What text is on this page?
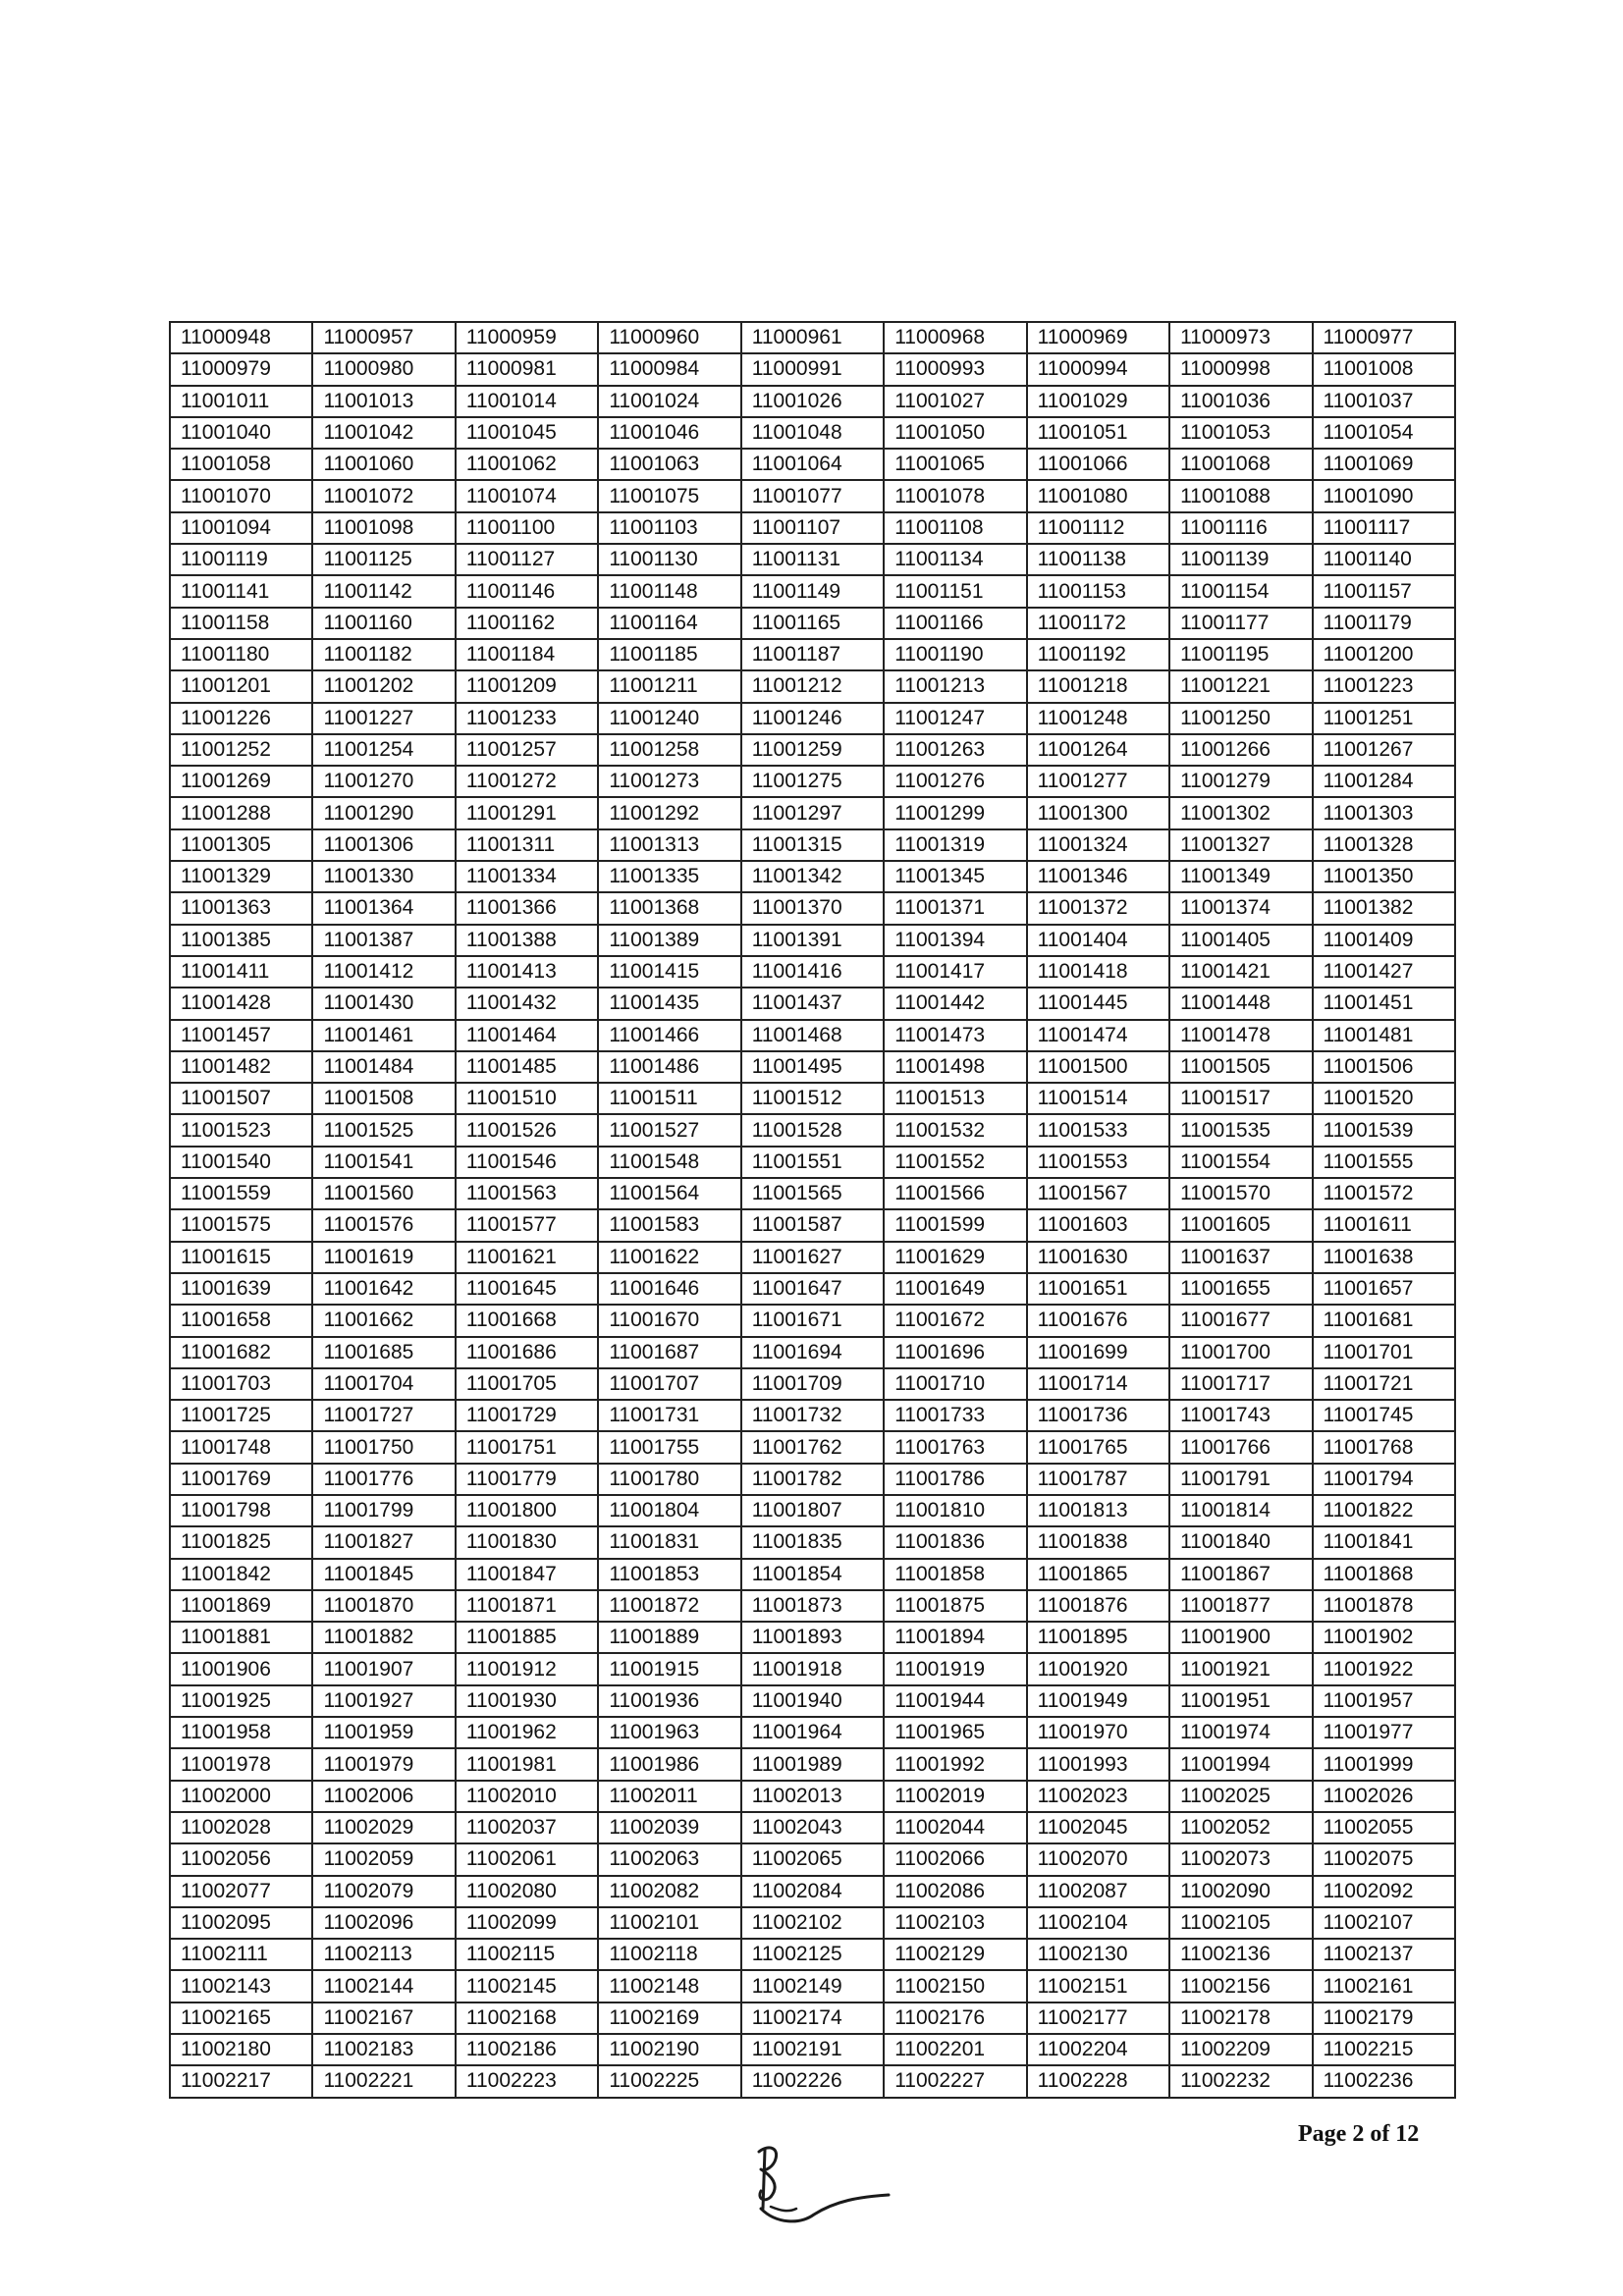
11000948	11000957	11000959	11000960	11000961	11000968	11000969	11000973	11000977
11000979	11000980	11000981	11000984	11000991	11000993	11000994	11000998	11001008
11001011	11001013	11001014	11001024	11001026	11001027	11001029	11001036	11001037
11001040	11001042	11001045	11001046	11001048	11001050	11001051	11001053	11001054
11001058	11001060	11001062	11001063	11001064	11001065	11001066	11001068	11001069
11001070	11001072	11001074	11001075	11001077	11001078	11001080	11001088	11001090
11001094	11001098	11001100	11001103	11001107	11001108	11001112	11001116	11001117
11001119	11001125	11001127	11001130	11001131	11001134	11001138	11001139	11001140
11001141	11001142	11001146	11001148	11001149	11001151	11001153	11001154	11001157
11001158	11001160	11001162	11001164	11001165	11001166	11001172	11001177	11001179
11001180	11001182	11001184	11001185	11001187	11001190	11001192	11001195	11001200
11001201	11001202	11001209	11001211	11001212	11001213	11001218	11001221	11001223
11001226	11001227	11001233	11001240	11001246	11001247	11001248	11001250	11001251
11001252	11001254	11001257	11001258	11001259	11001263	11001264	11001266	11001267
11001269	11001270	11001272	11001273	11001275	11001276	11001277	11001279	11001284
11001288	11001290	11001291	11001292	11001297	11001299	11001300	11001302	11001303
11001305	11001306	11001311	11001313	11001315	11001319	11001324	11001327	11001328
11001329	11001330	11001334	11001335	11001342	11001345	11001346	11001349	11001350
11001363	11001364	11001366	11001368	11001370	11001371	11001372	11001374	11001382
11001385	11001387	11001388	11001389	11001391	11001394	11001404	11001405	11001409
11001411	11001412	11001413	11001415	11001416	11001417	11001418	11001421	11001427
11001428	11001430	11001432	11001435	11001437	11001442	11001445	11001448	11001451
11001457	11001461	11001464	11001466	11001468	11001473	11001474	11001478	11001481
11001482	11001484	11001485	11001486	11001495	11001498	11001500	11001505	11001506
11001507	11001508	11001510	11001511	11001512	11001513	11001514	11001517	11001520
11001523	11001525	11001526	11001527	11001528	11001532	11001533	11001535	11001539
11001540	11001541	11001546	11001548	11001551	11001552	11001553	11001554	11001555
11001559	11001560	11001563	11001564	11001565	11001566	11001567	11001570	11001572
11001575	11001576	11001577	11001583	11001587	11001599	11001603	11001605	11001611
11001615	11001619	11001621	11001622	11001627	11001629	11001630	11001637	11001638
11001639	11001642	11001645	11001646	11001647	11001649	11001651	11001655	11001657
11001658	11001662	11001668	11001670	11001671	11001672	11001676	11001677	11001681
11001682	11001685	11001686	11001687	11001694	11001696	11001699	11001700	11001701
11001703	11001704	11001705	11001707	11001709	11001710	11001714	11001717	11001721
11001725	11001727	11001729	11001731	11001732	11001733	11001736	11001743	11001745
11001748	11001750	11001751	11001755	11001762	11001763	11001765	11001766	11001768
11001769	11001776	11001779	11001780	11001782	11001786	11001787	11001791	11001794
11001798	11001799	11001800	11001804	11001807	11001810	11001813	11001814	11001822
11001825	11001827	11001830	11001831	11001835	11001836	11001838	11001840	11001841
11001842	11001845	11001847	11001853	11001854	11001858	11001865	11001867	11001868
11001869	11001870	11001871	11001872	11001873	11001875	11001876	11001877	11001878
11001881	11001882	11001885	11001889	11001893	11001894	11001895	11001900	11001902
11001906	11001907	11001912	11001915	11001918	11001919	11001920	11001921	11001922
11001925	11001927	11001930	11001936	11001940	11001944	11001949	11001951	11001957
11001958	11001959	11001962	11001963	11001964	11001965	11001970	11001974	11001977
11001978	11001979	11001981	11001986	11001989	11001992	11001993	11001994	11001999
11002000	11002006	11002010	11002011	11002013	11002019	11002023	11002025	11002026
11002028	11002029	11002037	11002039	11002043	11002044	11002045	11002052	11002055
11002056	11002059	11002061	11002063	11002065	11002066	11002070	11002073	11002075
11002077	11002079	11002080	11002082	11002084	11002086	11002087	11002090	11002092
11002095	11002096	11002099	11002101	11002102	11002103	11002104	11002105	11002107
11002111	11002113	11002115	11002118	11002125	11002129	11002130	11002136	11002137
11002143	11002144	11002145	11002148	11002149	11002150	11002151	11002156	11002161
11002165	11002167	11002168	11002169	11002174	11002176	11002177	11002178	11002179
11002180	11002183	11002186	11002190	11002191	11002201	11002204	11002209	11002215
11002217	11002221	11002223	11002225	11002226	11002227	11002228	11002232	11002236
Page 2 of 12
